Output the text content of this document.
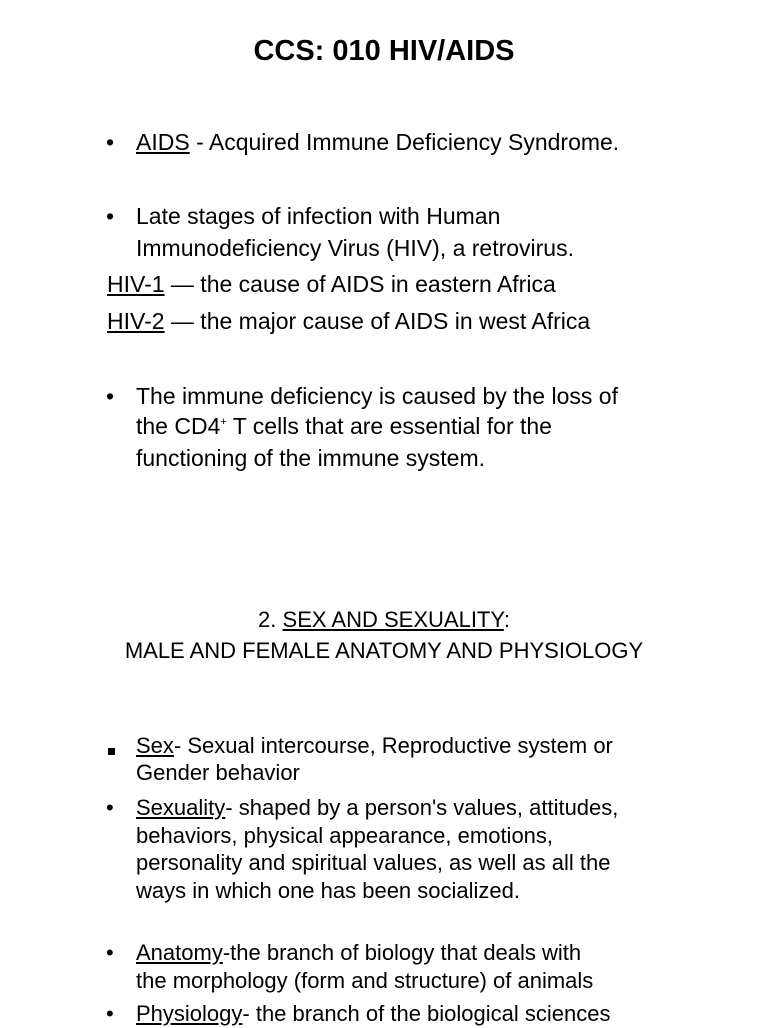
CCS: 010 HIV/AIDS
• AIDS - Acquired Immune Deficiency Syndrome.
• Late stages of infection with Human
Immunodeficiency Virus (HIV), a retrovirus.
HIV-1 — the cause of AIDS in eastern Africa
HIV-2 — the major cause of AIDS in west Africa
• The immune deficiency is caused by the loss of
the CD4+ T cells that are essential for the
functioning of the immune system.
2. SEX AND SEXUALITY:
MALE AND FEMALE ANATOMY AND PHYSIOLOGY
Sex- Sexual intercourse, Reproductive system or
Gender behavior
• Sexuality- shaped by a person's values, attitudes,
behaviors, physical appearance, emotions,
personality and spiritual values, as well as all the
ways in which one has been socialized.
• Anatomy-the branch of biology that deals with
the morphology (form and structure) of animals
• Physiology- the branch of the biological sciences
